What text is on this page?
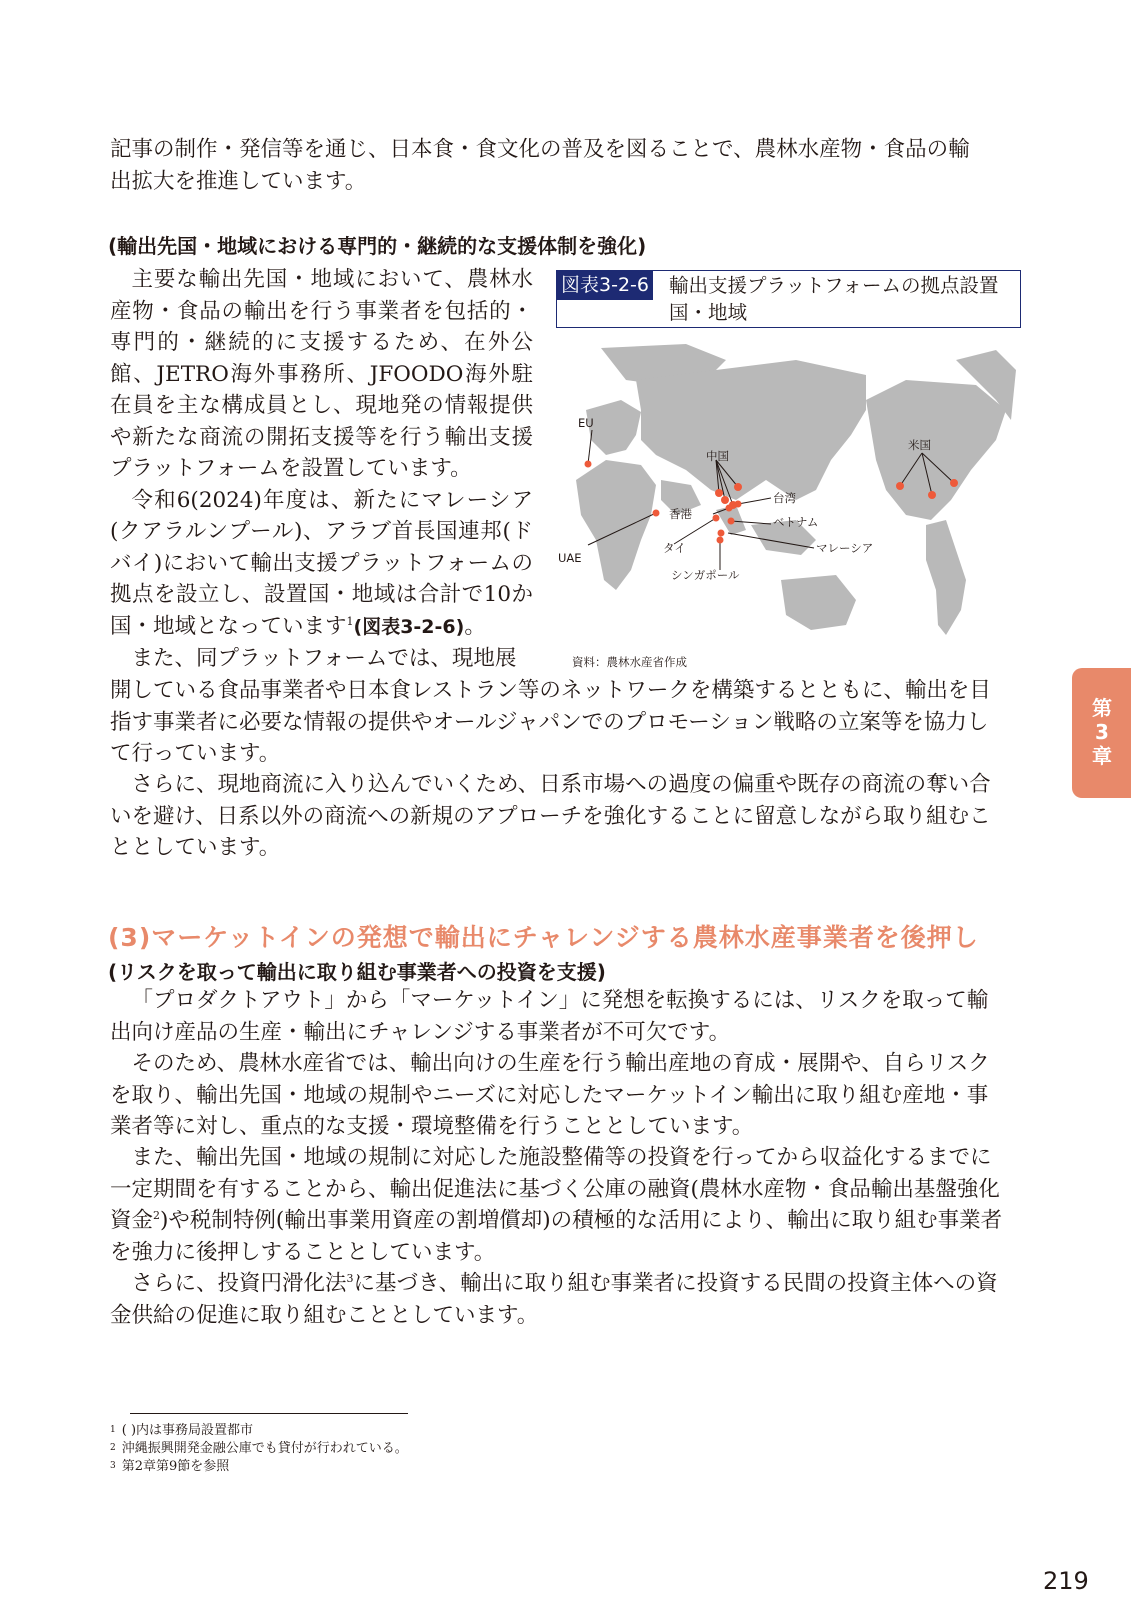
記事の制作・発信等を通じ、日本食・食文化の普及を図ることで、農林水産物・食品の輸

出拡大を推進しています。

(輸出先国・地域における専門的・継続的な支援体制を強化)

主要な輸出先国・地域において、農林水産物・食品の輸出を行う事業者を包括的・専門的・継続的に支援するため、在外公館、JETRO海外事務所、JFOODO海外駐在員を主な構成員とし、現地発の情報提供や新たな商流の開拓支援等を行う輸出支援プラットフォームを設置しています。

令和6(2024)年度は、新たにマレーシア(クアラルンプール)、アラブ首長国連邦(ドバイ)において輸出支援プラットフォームの拠点を設立し、設置国・地域は合計で10か国・地域となっています$^1$(図表3-2-6)。

また、同プラットフォームでは、現地展

図表3-2-6 輸出支援プラットフォームの拠点設置国・地域
EU
中国
米国
台湾
香港
ベトナム
タイ	マレーシア
UAE
シンガポール
資料：農林水産省作成

開している食品事業者や日本食レストラン等のネットワークを構築するとともに、輸出を目指す事業者に必要な情報の提供やオールジャパンでのプロモーション戦略の立案等を協力して行っています。

さらに、現地商流に入り込んでいくため、日系市場への過度の偏重や既存の商流の奪い合いを避け、日系以外の商流への新規のアプローチを強化することに留意しながら取り組むこととしています。

(3)マーケットインの発想で輸出にチャレンジする農林水産事業者を後押し
(リスクを取って輸出に取り組む事業者への投資を支援)

「プロダクトアウト」から「マーケットイン」に発想を転換するには、リスクを取って輸出向け産品の生産・輸出にチャレンジする事業者が不可欠です。

そのため、農林水産省では、輸出向けの生産を行う輸出産地の育成・展開や、自らリスクを取り、輸出先国・地域の規制やニーズに対応したマーケットイン輸出に取り組む産地・事業者等に対し、重点的な支援・環境整備を行うこととしています。

また、輸出先国・地域の規制に対応した施設整備等の投資を行ってから収益化するまでに一定期間を有することから、輸出促進法に基づく公庫の融資(農林水産物・食品輸出基盤強化資金$^2$)や税制特例(輸出事業用資産の割増償却)の積極的な活用により、輸出に取り組む事業者を強力に後押しすることとしています。

さらに、投資円滑化法$^3$に基づき、輸出に取り組む事業者に投資する民間の投資主体への資金供給の促進に取り組むこととしています。

第3章

$^1$ ( )内は事務局設置都市

$^2$ 沖縄振興開発金融公庫でも貸付が行われている。

$^3$ 第2章第9節を参照

219
